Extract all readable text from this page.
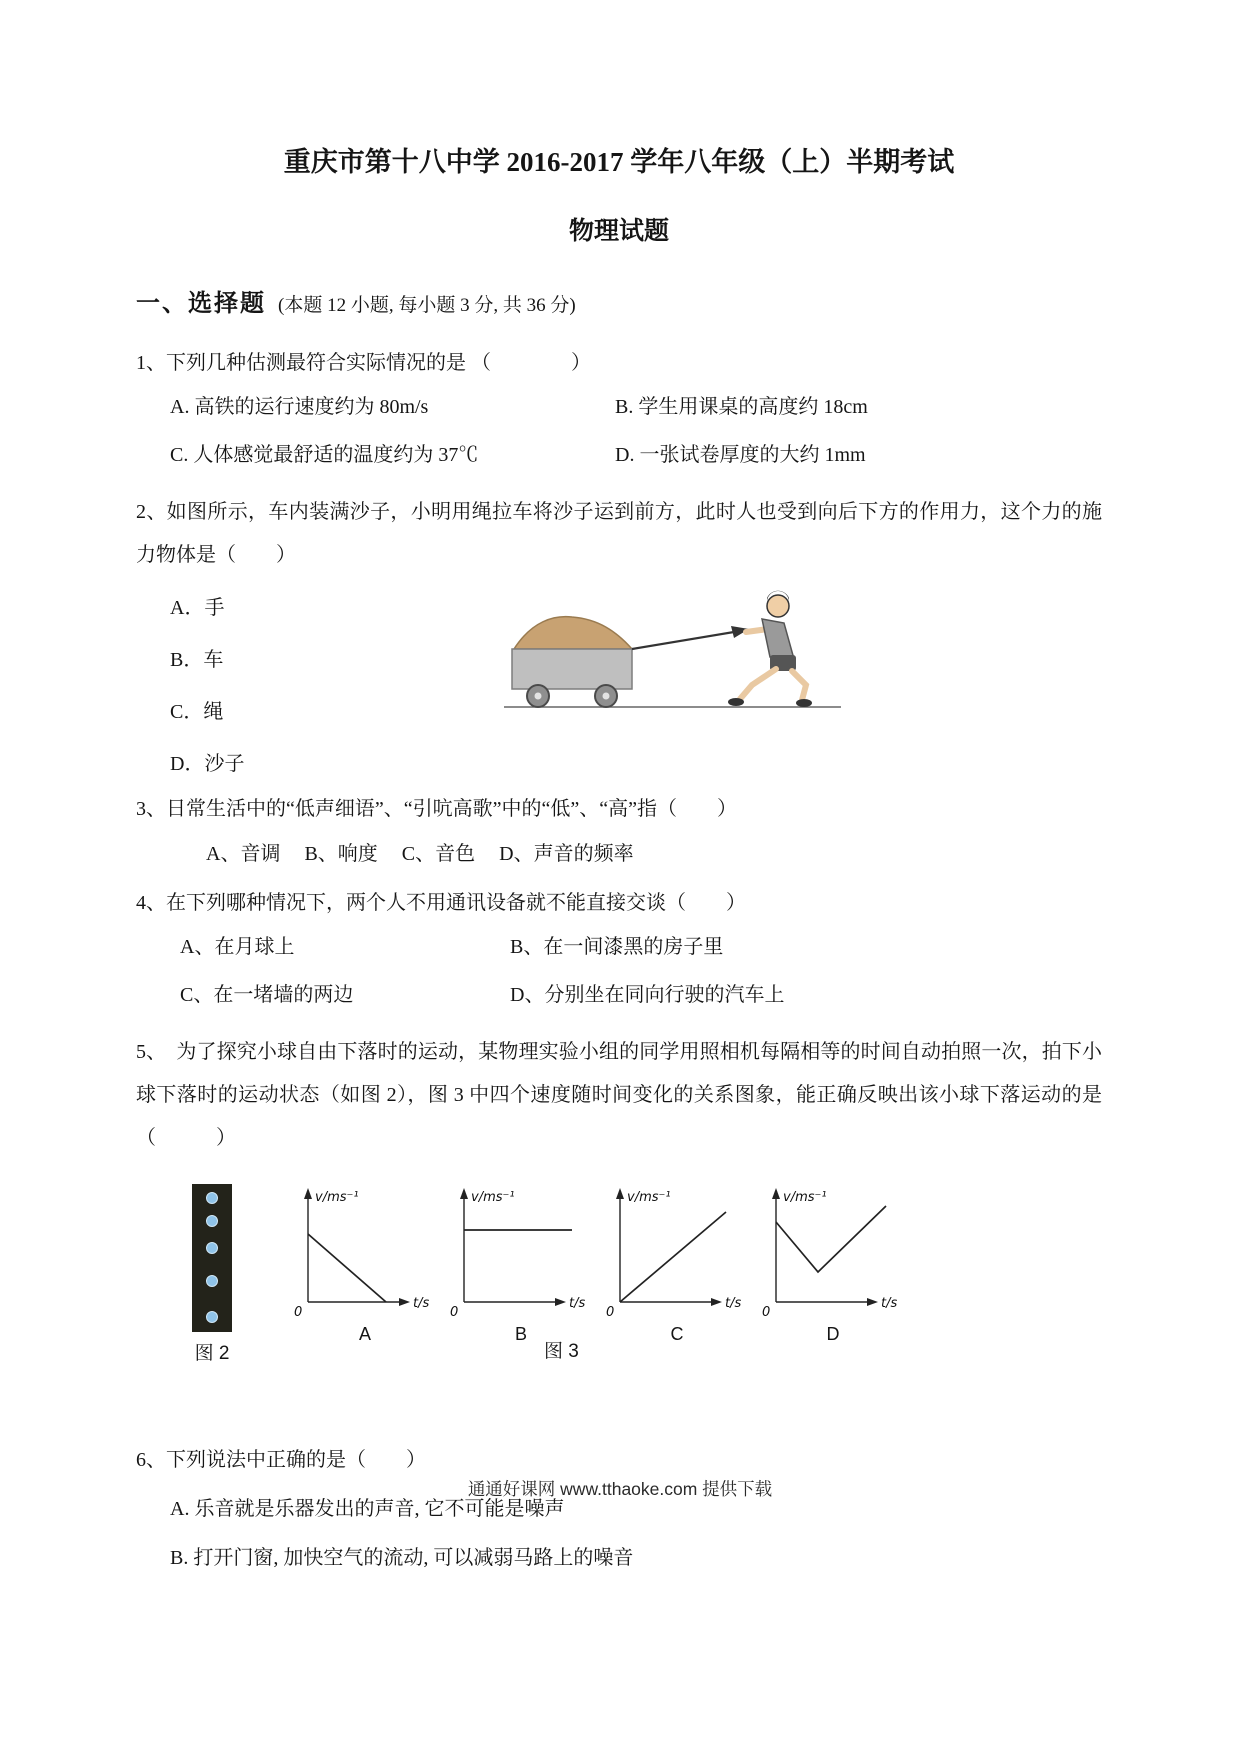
重庆市第十八中学 2016-2017 学年八年级（上）半期考试
物理试题

一、选择题 (本题 12 小题, 每小题 3 分, 共 36 分)

1、下列几种估测最符合实际情况的是 （　　　　）

A. 高铁的运行速度约为 80m/s	B. 学生用课桌的高度约 18cm
C. 人体感觉最舒适的温度约为 37℃	D. 一张试卷厚度的大约 1mm

2、如图所示，车内装满沙子，小明用绳拉车将沙子运到前方，此时人也受到向后下方的作用力，这个力的施力物体是（　　）

A．手
B．车
C．绳
D．沙子

3、日常生活中的“低声细语”、“引吭高歌”中的“低”、“高”指（　　）

A、音调 B、响度 C、音色 D、声音的频率

4、在下列哪种情况下，两个人不用通讯设备就不能直接交谈（　　）

A、在月球上	B、在一间漆黑的房子里
C、在一堵墙的两边	D、分别坐在同向行驶的汽车上

5、　为了探究小球自由下落时的运动，某物理实验小组的同学用照相机每隔相等的时间自动拍照一次，拍下小球下落时的运动状态（如图 2），图 3 中四个速度随时间变化的关系图象，能正确反映出该小球下落运动的是（　　　）

图 2
v/ms⁻¹
t/s
0
A
v/ms⁻¹
t/s
0
B
v/ms⁻¹
t/s
0
C
v/ms⁻¹
t/s
0
D
图 3

6、下列说法中正确的是（　　）

A. 乐音就是乐器发出的声音, 它不可能是噪声
B. 打开门窗, 加快空气的流动, 可以减弱马路上的噪音
通通好课网 www.tthaoke.com 提供下载
